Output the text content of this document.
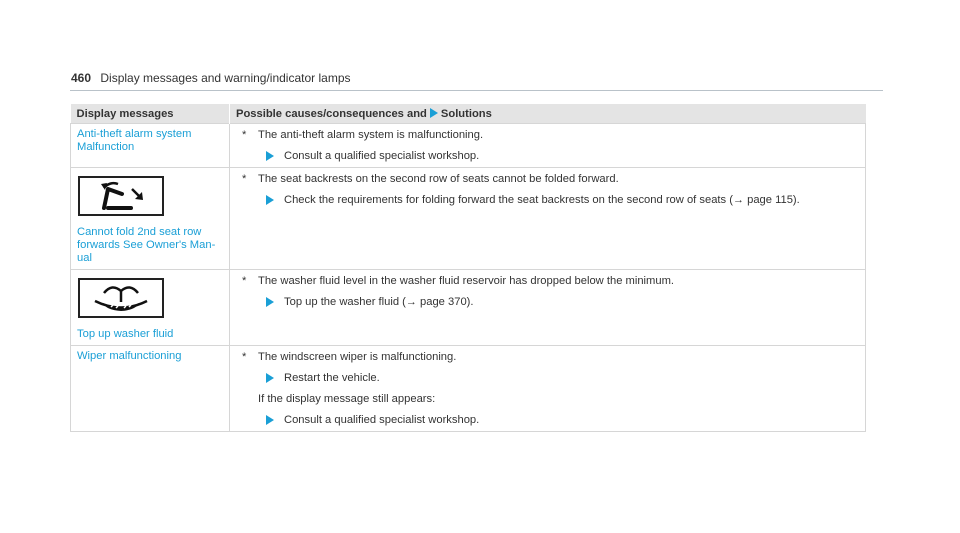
460 Display messages and warning/indicator lamps
Display messages	Possible causes/consequences and Solutions

Anti-theft alarm system Malfunction	* The anti-theft alarm system is malfunctioning.

Consult a qualified specialist workshop.

Cannot fold 2nd seat row forwards See Owner's Man- ual	* The seat backrests on the second row of seats cannot be folded forward.

Check the requirements for folding forward the seat backrests on the second row of seats (→ page 115).

Top up washer fluid	* The washer fluid level in the washer fluid reservoir has dropped below the minimum.

Top up the washer fluid (→ page 370).

Wiper malfunctioning	* The windscreen wiper is malfunctioning.

Restart the vehicle.

If the display message still appears:

Consult a qualified specialist workshop.
